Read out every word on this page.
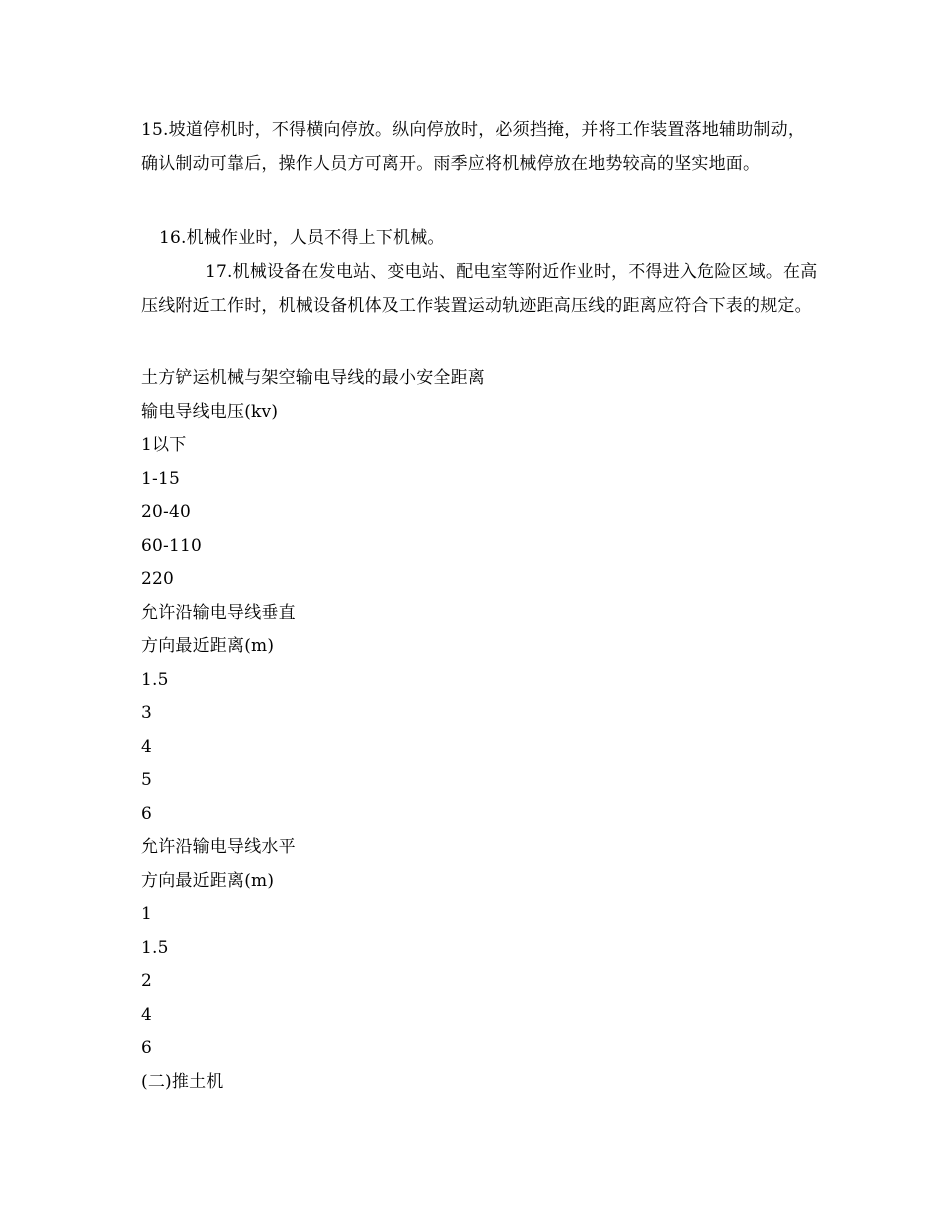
15.坡道停机时，不得横向停放。纵向停放时，必须挡掩，并将工作装置落地辅助制动，确认制动可靠后，操作人员方可离开。雨季应将机械停放在地势较高的坚实地面。

16.机械作业时，人员不得上下机械。

17.机械设备在发电站、变电站、配电室等附近作业时，不得进入危险区域。在高压线附近工作时，机械设备机体及工作装置运动轨迹距高压线的距离应符合下表的规定。

土方铲运机械与架空输电导线的最小安全距离

输电导线电压(kv)

1以下

1-15

20-40

60-110

220

允许沿输电导线垂直

方向最近距离(m)

1.5

3

4

5

6

允许沿输电导线水平

方向最近距离(m)

1

1.5

2

4

6

(二)推土机
